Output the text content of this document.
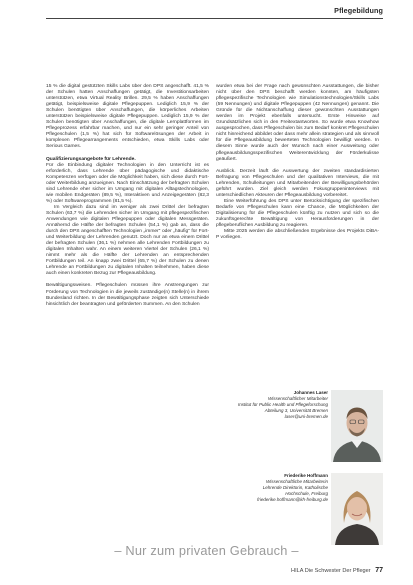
Pflegebildung

15 % die digital gestützten Skills Labs über den DPS angeschafft. 41,5 % der Schulen hatten Anschaffungen getätigt, die Investitionsarbeiten unterstützen, etwa Virtual Reality Brillen. 29,5 % haben Anschaffungen getätigt, beispielsweise digitale Pflegepuppen. Lediglich 15,9 % der Schulen benötigten über Anschaffungen, die körperliches Arbeiten unterstützen beispielsweise digitale Pflegepuppen. Lediglich 15,9 % der Schulen benötigten über Anschaffungen, die digitale Lernplattformen im Pflegeprozess erfahrbar machen, und nur ein sehr geringer Anteil von Pflegeschulen (1,5 %) hat sich für Softwarelösungen der Arbeit in komplexen Pflegearrangements entschieden, etwa Skills Labs oder Serious Games.

Qualifizierungsangebote für Lehrende.

Für die Einbindung digitaler Technologien in den Unterricht ist es erforderlich, dass Lehrende über pädagogische und didaktische Kompetenzen verfügen oder die Möglichkeit haben, sich diese durch Fort- oder Weiterbildung anzueignen. Nach Einschätzung der befragten Schulen sind Lehrende eher sicher im Umgang mit digitalen Alltagstechnologien, wie mobilen Endgeräten (89,5 %), Interaktiven und Anzeigegeräten (82,3 %) oder Softwareprogrammen (81,5 %).

Im Vergleich dazu sind im weniger als zwei Drittel der befragten Schulen (63,7 %) die Lehrenden sicher im Umgang mit pflegespezifischen Anwendungen wie digitalen Pflegepuppen oder digitalen Messgeräten. Annähernd die Hälfte der befragten Schulen (54,1 %) gab an, dass die durch den DPS angeschafften Technologien „immer“ oder „häufig“ für Fort- und Weiterbildung der Lehrenden genutzt. Doch nur an etwa einem Drittel der befragten Schulen (36,1 %) nehmen alle Lehrenden Fortbildungen zu digitalen Inhalten wahr. An einem weiteren Viertel der Schulen (26,1 %) nimmt mehr als die Hälfte der Lehrenden an entsprechenden Fortbildungen teil. An knapp zwei Drittel (65,7 %) der Schulen zu denen Lehrende an Fortbildungen zu digitalen Inhalten teilnehmen, haben diese auch einen konkreten Bezug zur Pflegeausbildung.

Bewältigungsweisen. Pflegeschulen müssen ihre Anstrengungen zur Förderung von Technologien in die jeweils zuständige(n) Stelle(n) in ihrem Bundesland richten. In der Bewältigungsphase zeigten sich Unterschiede hinsichtlich der beantragten und geförderten Summen. An den Schulen

wurden etwa bei der Frage nach gewünschten Ausstattungen, die bisher nicht über den DPS beschafft werden konnten, am häufigsten pflegespezifische Technologien wie Simulationstechnologien/Skills Labs (59 Nennungen) und digitale Pflegepuppen (42 Nennungen) genannt. Die Gründe für die Nichtanschaffung dieser gewünschten Ausstattungen werden im Projekt ebenfalls untersucht. Erste Hinweise auf Grundsätzlichen sich in den Freitextantworten. So wurde etwa Knowhow ausgesprochen, dass Pflegeschulen bis zum Bedarf konkret Pflegeschulen nicht hinreichend abbildet oder dass mehr allein strategien und als sinnvoll für die Pflegeausbildung bewerteten Technologien bewilligt werden. In diesem Sinne wurde auch der Wunsch nach einer Ausweitung oder pflegeausbildungsspezifischen Weiterentwicklung der Förderkulisse geäußert.

Ausblick. Derzeit läuft die Auswertung der zweiten standardisierten Befragung von Pflegeschulen und der qualitativen Interviews, die mit Lehrenden, Schulleitungen und Mitarbeitenden der Bewilligungsbehörden geführt wurden. Ziel gleich werden Fokusgruppeninterviews mit unterschiedlichen Akteuren der Pflegeausbildung vorbereitet.

Eine Weiterführung des DPS unter Berücksichtigung der spezifischen Bedarfe von Pflegeschulen kann eine Chance, die Möglichkeiten der Digitalisierung für die Pflegeschulen künftig zu nutzen und sich so die zukunftsgerechte Bewältigung von Herausforderungen in der pflegeberuflichen Ausbildung zu reagieren.

Mitte 2025 werden die abschließenden Ergebnisse des Projekts DiBA-P vorliegen.

Johannes Laser
Wissenschaftlicher Mitarbeiter
Institut für Public Health und Pflegeforschung
Abteilung 3, Universität Bremen
laser@uni-bremen.de
Friederike Hoffmann
Wissenschaftliche Mitarbeiterin
Lehrende Direktorin, Katholische
Hochschule, Freiburg
friederike.hoffmann@kh-freiburg.de
– Nur zum privaten Gebrauch –
HILA Die Schwester Der Pfleger 77
